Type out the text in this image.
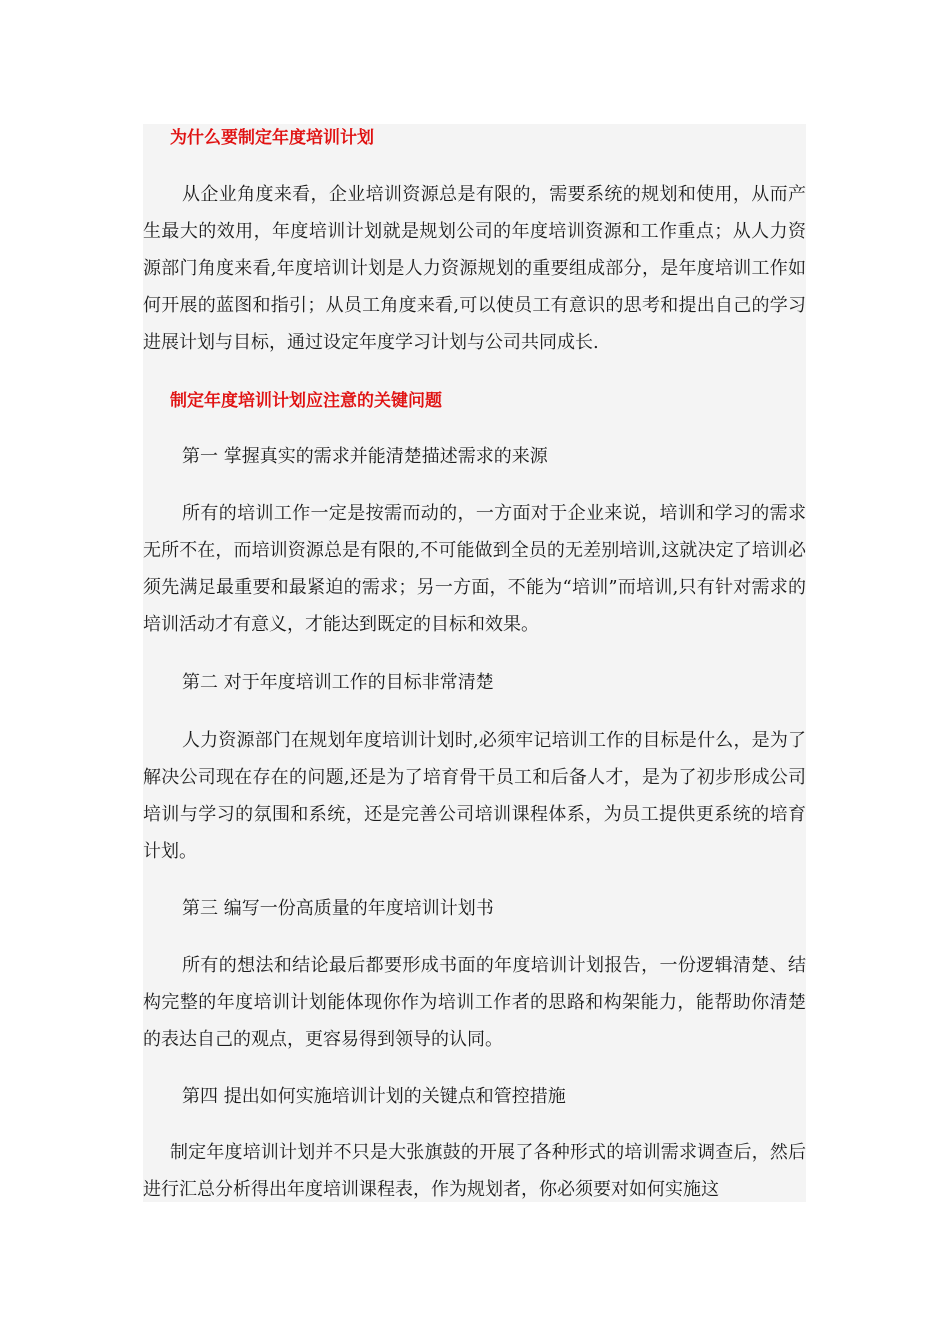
为什么要制定年度培训计划

从企业角度来看，企业培训资源总是有限的，需要系统的规划和使用，从而产生最大的效用，年度培训计划就是规划公司的年度培训资源和工作重点；从人力资源部门角度来看,年度培训计划是人力资源规划的重要组成部分，是年度培训工作如何开展的蓝图和指引；从员工角度来看,可以使员工有意识的思考和提出自己的学习进展计划与目标，通过设定年度学习计划与公司共同成长.

制定年度培训计划应注意的关键问题
第一 掌握真实的需求并能清楚描述需求的来源

所有的培训工作一定是按需而动的，一方面对于企业来说，培训和学习的需求无所不在，而培训资源总是有限的,不可能做到全员的无差别培训,这就决定了培训必须先满足最重要和最紧迫的需求；另一方面，不能为“培训”而培训,只有针对需求的培训活动才有意义，才能达到既定的目标和效果。

第二 对于年度培训工作的目标非常清楚

人力资源部门在规划年度培训计划时,必须牢记培训工作的目标是什么，是为了解决公司现在存在的问题,还是为了培育骨干员工和后备人才，是为了初步形成公司培训与学习的氛围和系统，还是完善公司培训课程体系，为员工提供更系统的培育计划。

第三 编写一份高质量的年度培训计划书

所有的想法和结论最后都要形成书面的年度培训计划报告，一份逻辑清楚、结构完整的年度培训计划能体现你作为培训工作者的思路和构架能力，能帮助你清楚的表达自己的观点，更容易得到领导的认同。

第四 提出如何实施培训计划的关键点和管控措施

制定年度培训计划并不只是大张旗鼓的开展了各种形式的培训需求调查后，然后进行汇总分析得出年度培训课程表，作为规划者，你必须要对如何实施这
